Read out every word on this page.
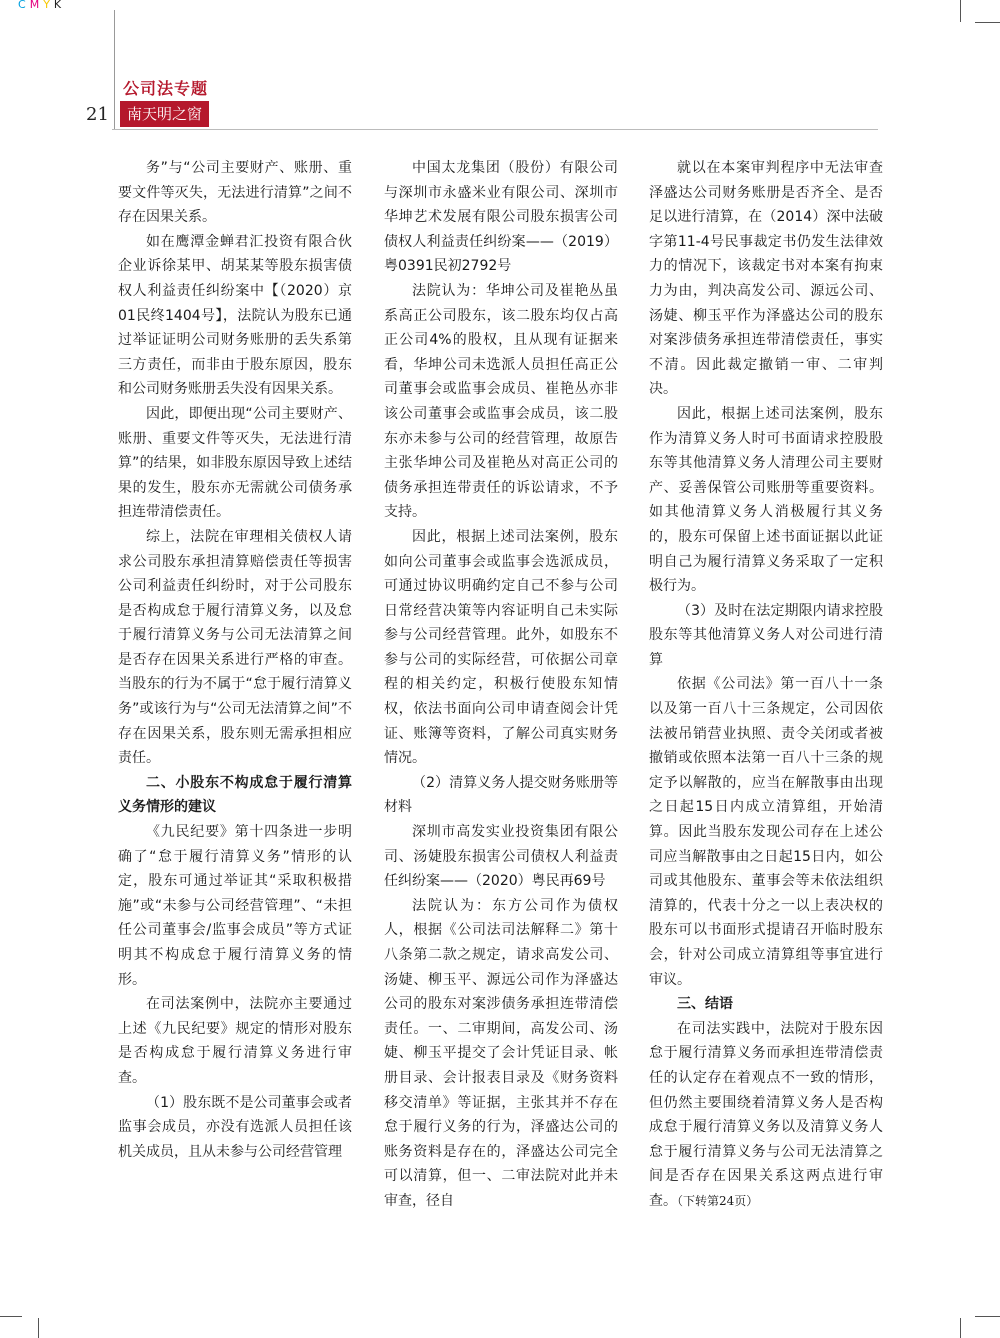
C M Y K
公司法专题
21	南天明之窗

务”与“公司主要财产、账册、重要文件等灭失，无法进行清算”之间不存在因果关系。

如在鹰潭金蝉君汇投资有限合伙企业诉徐某甲、胡某某等股东损害债权人利益责任纠纷案中【（2020）京01民终1404号】，法院认为股东已通过举证证明公司财务账册的丢失系第三方责任，而非由于股东原因，股东和公司财务账册丢失没有因果关系。

因此，即便出现“公司主要财产、账册、重要文件等灭失，无法进行清算”的结果，如非股东原因导致上述结果的发生，股东亦无需就公司债务承担连带清偿责任。

综上，法院在审理相关债权人请求公司股东承担清算赔偿责任等损害公司利益责任纠纷时，对于公司股东是否构成怠于履行清算义务，以及怠于履行清算义务与公司无法清算之间是否存在因果关系进行严格的审查。当股东的行为不属于“怠于履行清算义务”或该行为与“公司无法清算之间”不存在因果关系，股东则无需承担相应责任。

二、小股东不构成怠于履行清算义务情形的建议

《九民纪要》第十四条进一步明确了“怠于履行清算义务”情形的认定，股东可通过举证其“采取积极措施”或“未参与公司经营管理”、“未担任公司董事会/监事会成员”等方式证明其不构成怠于履行清算义务的情形。

在司法案例中，法院亦主要通过上述《九民纪要》规定的情形对股东是否构成怠于履行清算义务进行审查。

（1）股东既不是公司董事会或者监事会成员，亦没有选派人员担任该机关成员，且从未参与公司经营管理

中国太龙集团（股份）有限公司与深圳市永盛米业有限公司、深圳市华坤艺术发展有限公司股东损害公司债权人利益责任纠纷案——（2019）粤0391民初2792号

法院认为：华坤公司及崔艳丛虽系高正公司股东，该二股东均仅占高正公司4%的股权，且从现有证据来看，华坤公司未选派人员担任高正公司董事会或监事会成员、崔艳丛亦非该公司董事会或监事会成员，该二股东亦未参与公司的经营管理，故原告主张华坤公司及崔艳丛对高正公司的债务承担连带责任的诉讼请求，不予支持。

因此，根据上述司法案例，股东如向公司董事会或监事会选派成员，可通过协议明确约定自己不参与公司日常经营决策等内容证明自己未实际参与公司经营管理。此外，如股东不参与公司的实际经营，可依据公司章程的相关约定，积极行使股东知情权，依法书面向公司申请查阅会计凭证、账簿等资料，了解公司真实财务情况。

（2）清算义务人提交财务账册等材料

深圳市高发实业投资集团有限公司、汤婕股东损害公司债权人利益责任纠纷案——（2020）粤民再69号

法院认为：东方公司作为债权人，根据《公司法司法解释二》第十八条第二款之规定，请求高发公司、汤婕、柳玉平、源远公司作为泽盛达公司的股东对案涉债务承担连带清偿责任。一、二审期间，高发公司、汤婕、柳玉平提交了会计凭证目录、帐册目录、会计报表目录及《财务资料移交清单》等证据，主张其并不存在怠于履行义务的行为，泽盛达公司的账务资料是存在的，泽盛达公司完全可以清算，但一、二审法院对此并未审查，径自

就以在本案审判程序中无法审查泽盛达公司财务账册是否齐全、是否足以进行清算，在（2014）深中法破字第11-4号民事裁定书仍发生法律效力的情况下，该裁定书对本案有拘束力为由，判决高发公司、源远公司、汤婕、柳玉平作为泽盛达公司的股东对案涉债务承担连带清偿责任，事实不清。因此裁定撤销一审、二审判决。

因此，根据上述司法案例，股东作为清算义务人时可书面请求控股股东等其他清算义务人清理公司主要财产、妥善保管公司账册等重要资料。如其他清算义务人消极履行其义务的，股东可保留上述书面证据以此证明自己为履行清算义务采取了一定积极行为。

（3）及时在法定期限内请求控股股东等其他清算义务人对公司进行清算

依据《公司法》第一百八十一条以及第一百八十三条规定，公司因依法被吊销营业执照、责令关闭或者被撤销或依照本法第一百八十三条的规定予以解散的，应当在解散事由出现之日起15日内成立清算组，开始清算。因此当股东发现公司存在上述公司应当解散事由之日起15日内，如公司或其他股东、董事会等未依法组织清算的，代表十分之一以上表决权的股东可以书面形式提请召开临时股东会，针对公司成立清算组等事宜进行审议。

三、结语

在司法实践中，法院对于股东因怠于履行清算义务而承担连带清偿责任的认定存在着观点不一致的情形，但仍然主要围绕着清算义务人是否构成怠于履行清算义务以及清算义务人怠于履行清算义务与公司无法清算之间是否存在因果关系这两点进行审查。（下转第24页）
